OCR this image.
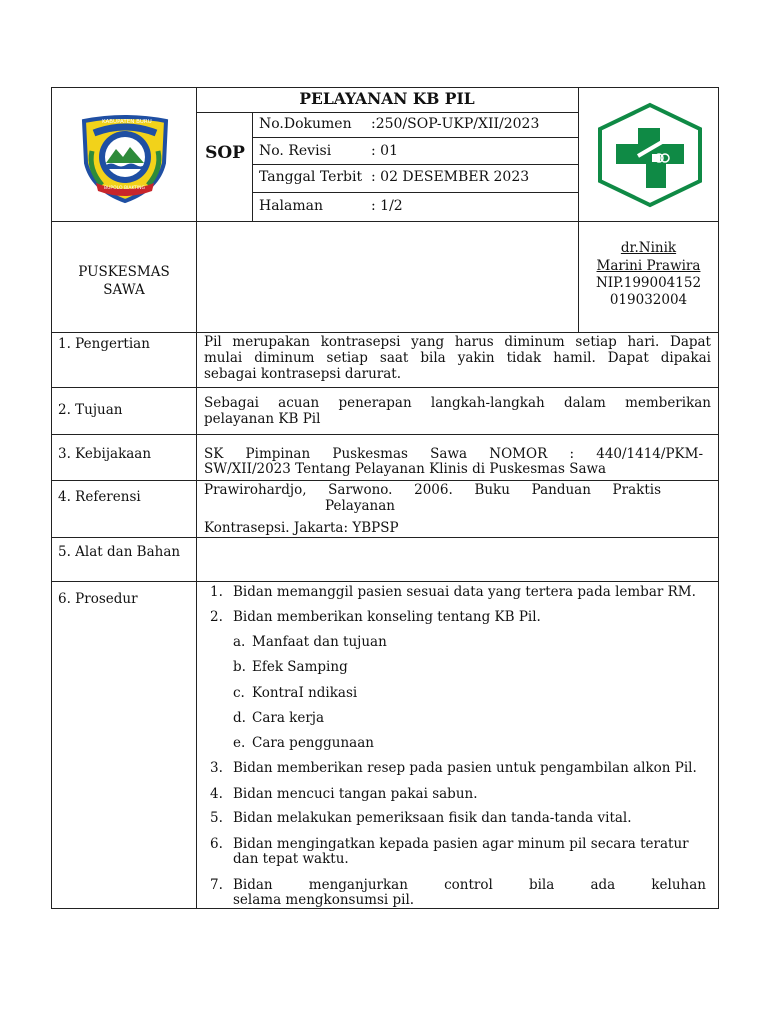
KABUPATEN BURU
BUPOLO BIAKTING
PELAYANAN KB PIL
SOP
No.Dokumen :250/SOP-UKP/XII/2023
No. Revisi	: 01
Tanggal Terbit : 02 DESEMBER 2023
Halaman	: 1/2
PUSKESMAS
SAWA
dr.Ninik
Marini Prawira
NIP.199004152
019032004
1. Pengertian	Pil merupakan kontrasepsi yang harus diminum setiap hari. Dapat
mulai diminum setiap saat bila yakin tidak hamil. Dapat dipakai
sebagai kontrasepsi darurat.
2. Tujuan	Sebagai acuan penerapan langkah-langkah dalam memberikan
pelayanan KB Pil
3. Kebijakaan	SK Pimpinan Puskesmas Sawa NOMOR : 440/1414/PKM-
SW/XII/2023 Tentang Pelayanan Klinis di Puskesmas Sawa
4. Referensi	Prawirohardjo, Sarwono. 2006. Buku Panduan Praktis
Pelayanan
Kontrasepsi. Jakarta: YBPSP
5. Alat dan Bahan
6. Prosedur	1. Bidan memanggil pasien sesuai data yang tertera pada lembar RM.
2. Bidan memberikan konseling tentang KB Pil.
a. Manfaat dan tujuan
b. Efek Samping
c. KontraI ndikasi
d. Cara kerja
e. Cara penggunaan
3. Bidan memberikan resep pada pasien untuk pengambilan alkon Pil.
4. Bidan mencuci tangan pakai sabun.
5. Bidan melakukan pemeriksaan fisik dan tanda-tanda vital.
6. Bidan mengingatkan kepada pasien agar minum pil secara teratur
dan tepat waktu.
7. Bidan menganjurkan control bila ada keluhan
selama mengkonsumsi pil.
